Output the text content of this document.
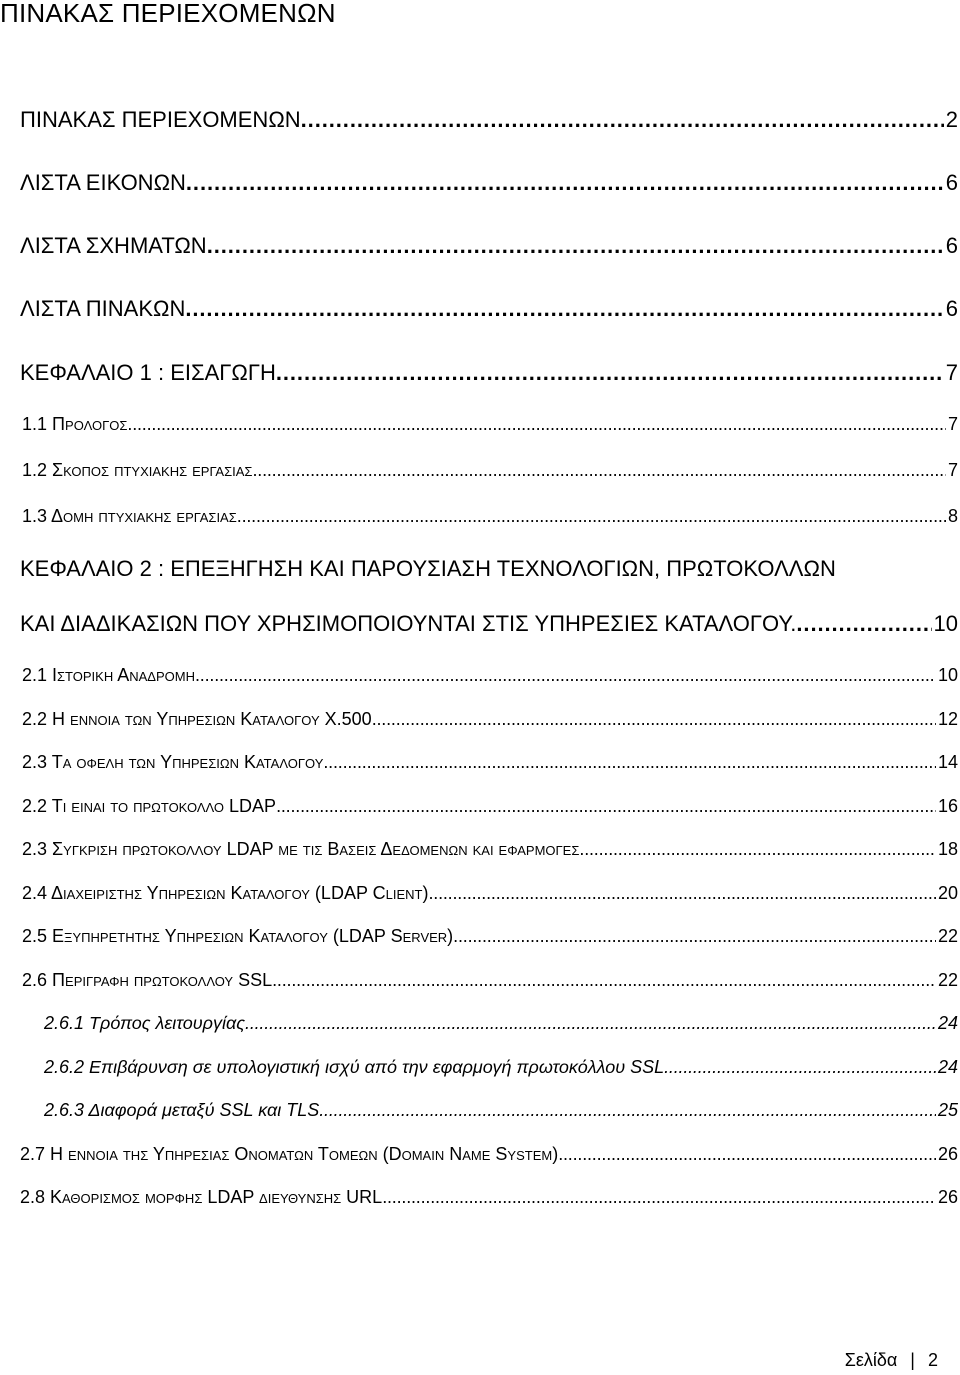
ΠΙΝΑΚΑΣ ΠΕΡΙΕΧΟΜΕΝΩΝ
ΠΙΝΑΚΑΣ ΠΕΡΙΕΧΟΜΕΝΩΝ . . .	2
ΛΙΣΤΑ ΕΙΚΟΝΩΝ . . .	6
ΛΙΣΤΑ ΣΧΗΜΑΤΩΝ . . .	6
ΛΙΣΤΑ ΠΙΝΑΚΩΝ . . .	6
ΚΕΦΑΛΑΙΟ 1 : ΕΙΣΑΓΩΓΗ . . .	7
1.1 Προλογος . . .	7
1.2 Σκοπος πτυχιακης εργασιας . . .	7
1.3 Δομη πτυχιακης εργασιας . . .	8
ΚΕΦΑΛΑΙΟ 2 : ΕΠΕΞΗΓΗΣΗ ΚΑΙ ΠΑΡΟΥΣΙΑΣΗ ΤΕΧΝΟΛΟΓΙΩΝ, ΠΡΩΤΟΚΟΛΛΩΝ
ΚΑΙ ΔΙΑΔΙΚΑΣΙΩΝ ΠΟΥ ΧΡΗΣΙΜΟΠΟΙΟΥΝΤΑΙ ΣΤΙΣ ΥΠΗΡΕΣΙΕΣ ΚΑΤΑΛΟΓΟΥ. . . .	10
2.1 Ιστορικη Αναδρομη . . .	10
2.2 Η εννοια των Υπηρεσιων Καταλογου Χ.500 . . .	12
2.3 Τα οφελη των Υπηρεσιων Καταλογου . . .	14
2.2 Τι ειναι το πρωτοκολλο LDAP . . .	16
2.3 Συγκριση πρωτοκολλου LDAP με τις Βασεις Δεδομενων και εφαρμογες . . .	18
2.4 Διαχειριστης Υπηρεσιων Καταλογου (LDAP Client) . . .	20
2.5 Εξυπηρετητης Υπηρεσιων Καταλογου (LDAP Server) . . .	22
2.6 Περιγραφη πρωτοκολλου SSL . . .	22
2.6.1 Τρόπος λειτουργίας . . .	24
2.6.2 Επιβάρυνση σε υπολογιστική ισχύ από την εφαρμογή πρωτοκόλλου SSL . . .	24
2.6.3 Διαφορά μεταξύ SSL και TLS . . .	25
2.7 Η εννοια της Υπηρεσιας Ονοματων Τομεων (Domain Name System) . . .	26
2.8 Καθορισμος μορφης LDAP διευθυνσης URL . . .	26
Σελίδα | 2
